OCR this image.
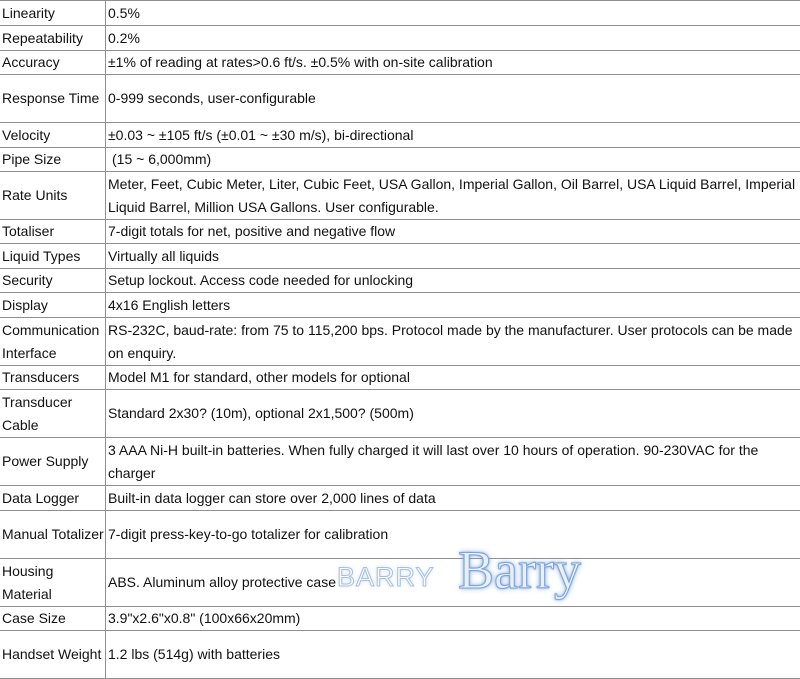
Linearity	0.5%
Repeatability	0.2%
Accuracy	±1% of reading at rates>0.6 ft/s. ±0.5% with on-site calibration
Response Time	0-999 seconds, user-configurable
Velocity	±0.03 ~ ±105 ft/s (±0.01 ~ ±30 m/s), bi-directional
Pipe Size	(15 ~ 6,000mm)
Rate Units	Meter, Feet, Cubic Meter, Liter, Cubic Feet, USA Gallon, Imperial Gallon, Oil Barrel, USA Liquid Barrel, Imperial Liquid Barrel, Million USA Gallons. User configurable.
Totaliser	7-digit totals for net, positive and negative flow
Liquid Types	Virtually all liquids
Security	Setup lockout. Access code needed for unlocking
Display	4x16 English letters
Communication Interface	RS-232C, baud-rate: from 75 to 115,200 bps. Protocol made by the manufacturer. User protocols can be made on enquiry.
Transducers	Model M1 for standard, other models for optional
Transducer Cable	Standard 2x30? (10m), optional 2x1,500? (500m)
Power Supply	3 AAA Ni-H built-in batteries. When fully charged it will last over 10 hours of operation. 90-230VAC for the charger
Data Logger	Built-in data logger can store over 2,000 lines of data
Manual Totalizer	7-digit press-key-to-go totalizer for calibration
Housing Material	ABS. Aluminum alloy protective case
Case Size	3.9"x2.6"x0.8" (100x66x20mm)
Handset Weight	1.2 lbs (514g) with batteries
BARRY Barry
